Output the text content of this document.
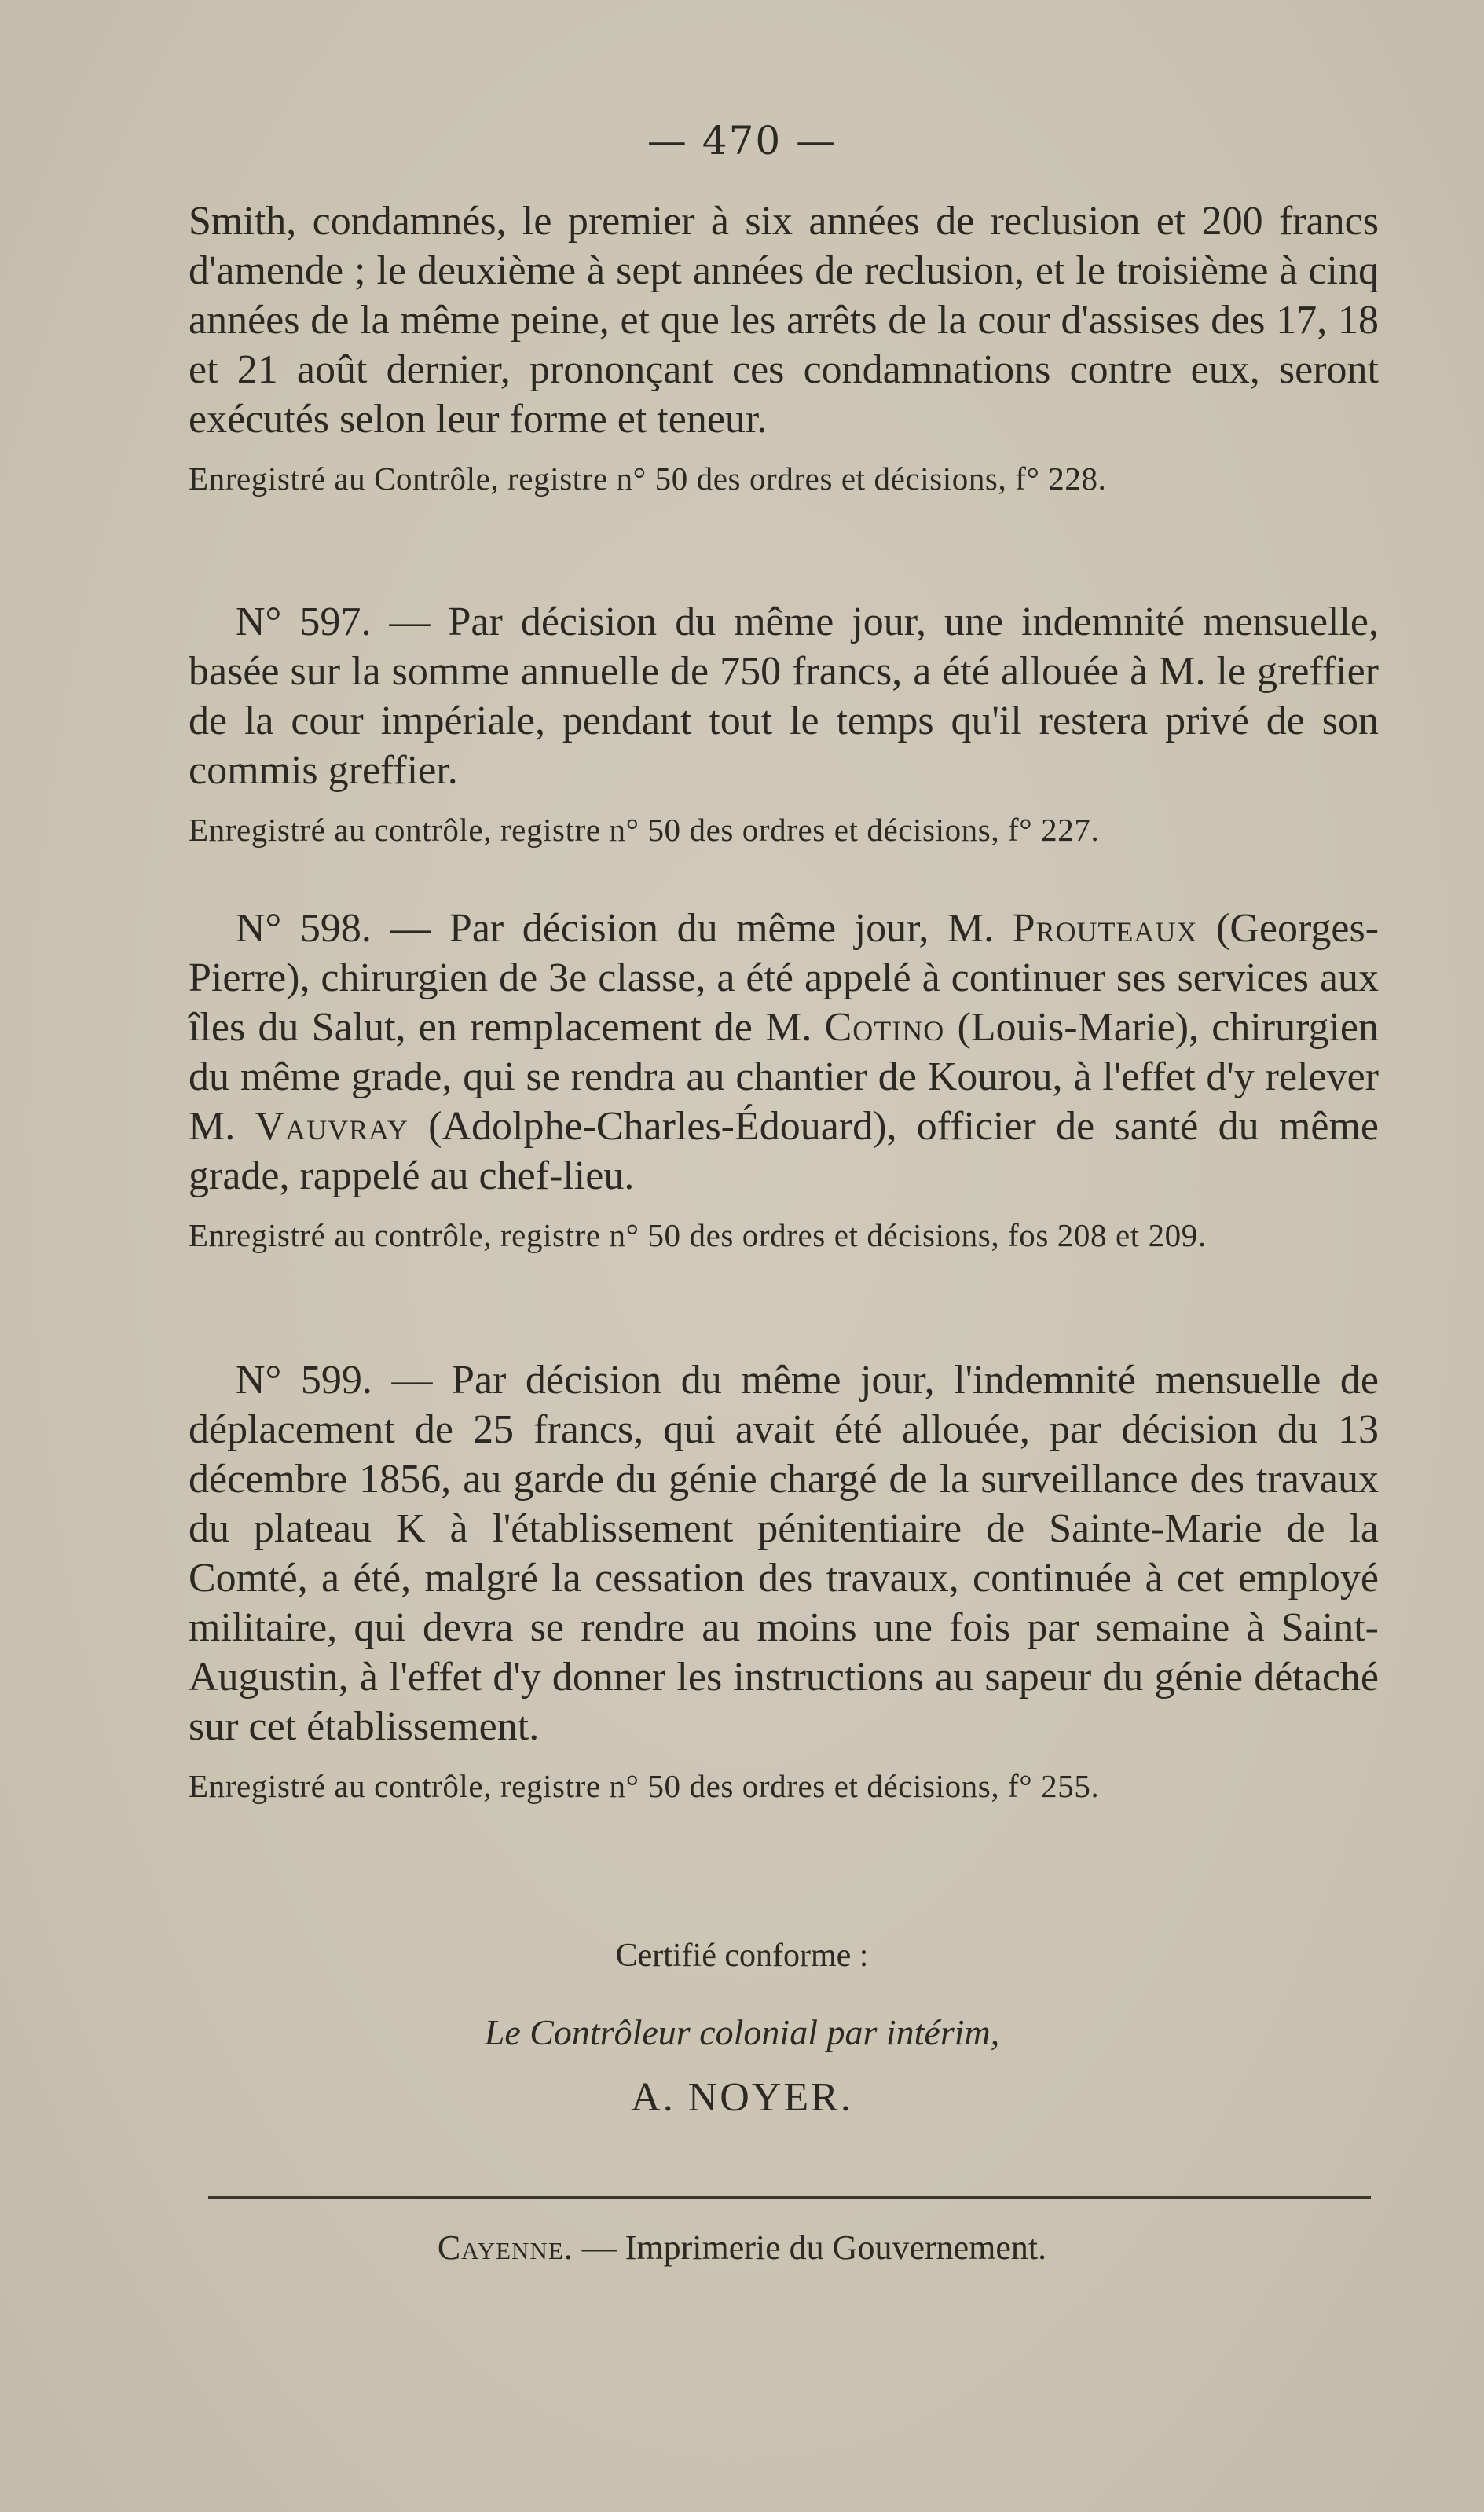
— 470 —
Smith, condamnés, le premier à six années de reclusion et 200 francs d'amende ; le deuxième à sept années de reclusion, et le troisième à cinq années de la même peine, et que les arrêts de la cour d'assises des 17, 18 et 21 août dernier, prononçant ces condamnations contre eux, seront exécutés selon leur forme et teneur.
Enregistré au Contrôle, registre n° 50 des ordres et décisions, f° 228.
N° 597. — Par décision du même jour, une indemnité mensuelle, basée sur la somme annuelle de 750 francs, a été allouée à M. le greffier de la cour impériale, pendant tout le temps qu'il restera privé de son commis greffier.
Enregistré au contrôle, registre n° 50 des ordres et décisions, f° 227.
N° 598. — Par décision du même jour, M. Prouteaux (Georges-Pierre), chirurgien de 3e classe, a été appelé à continuer ses services aux îles du Salut, en remplacement de M. Cotino (Louis-Marie), chirurgien du même grade, qui se rendra au chantier de Kourou, à l'effet d'y relever M. Vauvray (Adolphe-Charles-Édouard), officier de santé du même grade, rappelé au chef-lieu.
Enregistré au contrôle, registre n° 50 des ordres et décisions, fos 208 et 209.
N° 599. — Par décision du même jour, l'indemnité mensuelle de déplacement de 25 francs, qui avait été allouée, par décision du 13 décembre 1856, au garde du génie chargé de la surveillance des travaux du plateau K à l'établissement pénitentiaire de Sainte-Marie de la Comté, a été, malgré la cessation des travaux, continuée à cet employé militaire, qui devra se rendre au moins une fois par semaine à Saint-Augustin, à l'effet d'y donner les instructions au sapeur du génie détaché sur cet établissement.
Enregistré au contrôle, registre n° 50 des ordres et décisions, f° 255.
Certifié conforme :
Le Contrôleur colonial par intérim,
A. NOYER.
Cayenne. — Imprimerie du Gouvernement.
